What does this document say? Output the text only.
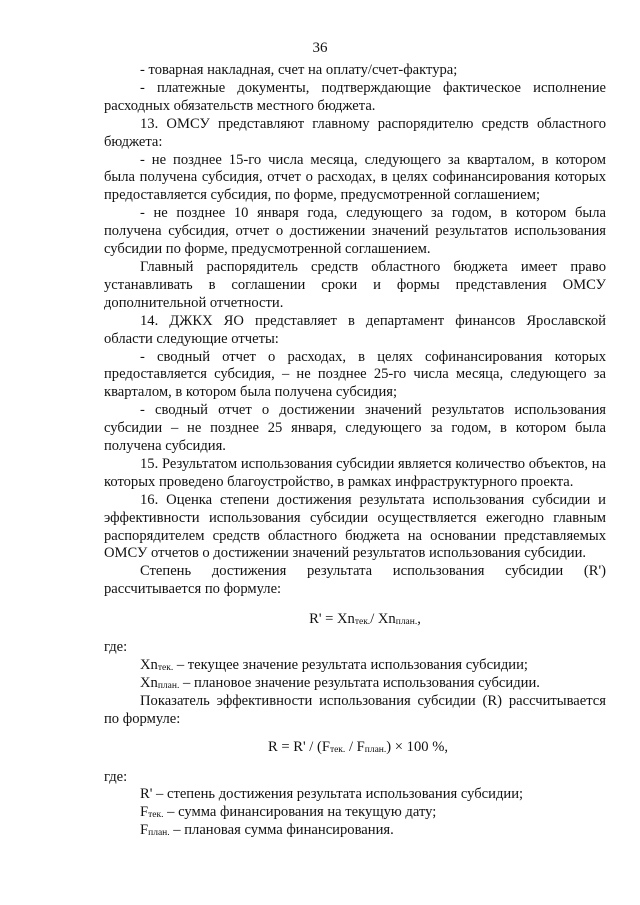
36

- товарная накладная, счет на оплату/счет-фактура;

- платежные документы, подтверждающие фактическое исполнение расходных обязательств местного бюджета.

13. ОМСУ представляют главному распорядителю средств областного бюджета:

- не позднее 15-го числа месяца, следующего за кварталом, в котором была получена субсидия, отчет о расходах, в целях софинансирования которых предоставляется субсидия, по форме, предусмотренной соглашением;

- не позднее 10 января года, следующего за годом, в котором была получена субсидия, отчет о достижении значений результатов использования субсидии по форме, предусмотренной соглашением.

Главный распорядитель средств областного бюджета имеет право устанавливать в соглашении сроки и формы представления ОМСУ дополнительной отчетности.

14. ДЖКХ ЯО представляет в департамент финансов Ярославской области следующие отчеты:

- сводный отчет о расходах, в целях софинансирования которых предоставляется субсидия, – не позднее 25-го числа месяца, следующего за кварталом, в котором была получена субсидия;

- сводный отчет о достижении значений результатов использования субсидии – не позднее 25 января, следующего за годом, в котором была получена субсидия.

15. Результатом использования субсидии является количество объектов, на которых проведено благоустройство, в рамках инфраструктурного проекта.

16. Оценка степени достижения результата использования субсидии и эффективности использования субсидии осуществляется ежегодно главным распорядителем средств областного бюджета на основании представляемых ОМСУ отчетов о достижении значений результатов использования субсидии.

Степень достижения результата использования субсидии (R') рассчитывается по формуле:

$R' = Xn_{тек.}/$ $Xn_{план.}$,

где:

$Xn_{тек.}$ – текущее значение результата использования субсидии;

$Xn_{план.}$ – плановое значение результата использования субсидии.

Показатель эффективности использования субсидии (R) рассчитывается по формуле:

$R = R' / (F_{тек.} / F_{план.}) \times 100$ %,

где:

R' – степень достижения результата использования субсидии;

$F_{тек.}$ – сумма финансирования на текущую дату;

$F_{план.}$ – плановая сумма финансирования.
